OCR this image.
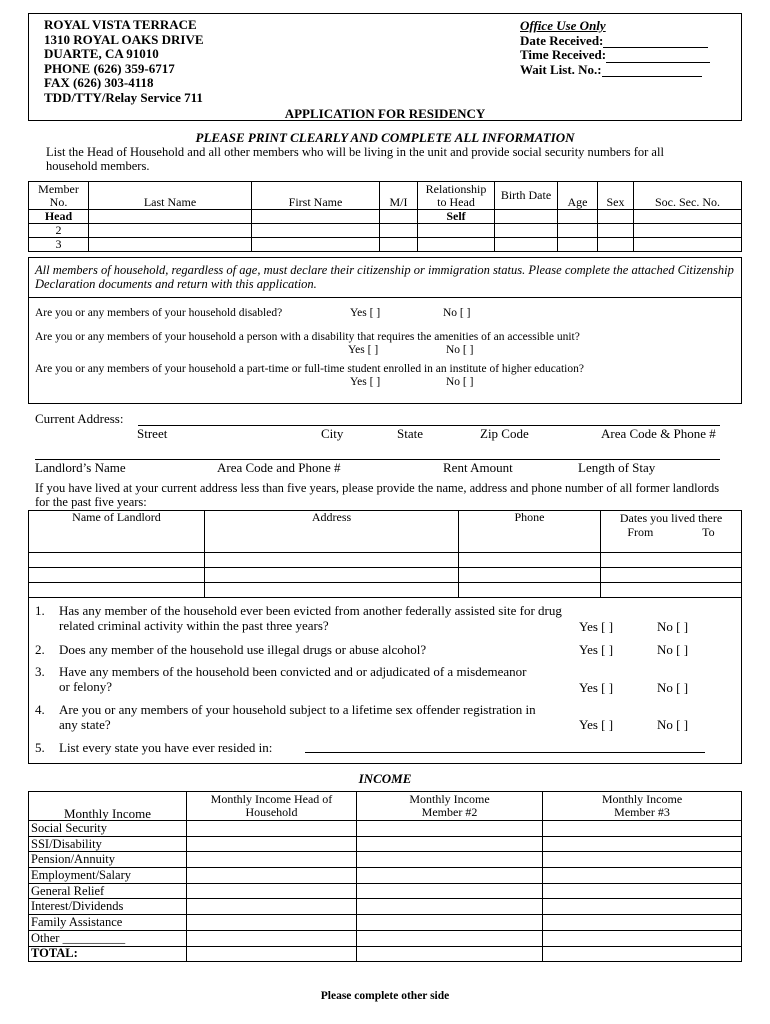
ROYAL VISTA TERRACE
1310 ROYAL OAKS DRIVE
DUARTE, CA 91010
PHONE (626) 359-6717
FAX (626) 303-4118
TDD/TTY/Relay Service 711
Office Use Only
Date Received:
Time Received:
Wait List. No.:
APPLICATION FOR RESIDENCY
PLEASE PRINT CLEARLY AND COMPLETE ALL INFORMATION
List the Head of Household and all other members who will be living in the unit and provide social security numbers for all household members.
Member No.	Last Name	First Name	M/I	Relationship to Head	Birth Date	Age	Sex	Soc. Sec. No.
Head				Self				
2								
3								
All members of household, regardless of age, must declare their citizenship or immigration status. Please complete the attached Citizenship Declaration documents and return with this application.
Are you or any members of your household disabled?	Yes [ ]	No [ ]
Are you or any members of your household a person with a disability that requires the amenities of an accessible unit?
Yes [ ]	No [ ]
Are you or any members of your household a part-time or full-time student enrolled in an institute of higher education?
Yes [ ]	No [ ]
Current Address:
Street	City	State	Zip Code	Area Code & Phone #
Landlord’s Name	Area Code and Phone #	Rent Amount	Length of Stay
If you have lived at your current address less than five years, please provide the name, address and phone number of all former landlords for the past five years:
Name of Landlord	Address	Phone	Dates you lived there
From To

1. Has any member of the household ever been evicted from another federally assisted site for drug related criminal activity within the past three years?	Yes [ ]	No [ ]
2. Does any member of the household use illegal drugs or abuse alcohol?	Yes [ ]	No [ ]
3. Have any members of the household been convicted and or adjudicated of a misdemeanor or felony?	Yes [ ]	No [ ]
4. Are you or any members of your household subject to a lifetime sex offender registration in any state?	Yes [ ]	No [ ]
5. List every state you have ever resided in:
INCOME
Monthly Income	Monthly Income Head of Household	Monthly Income Member #2	Monthly Income Member #3

Social Security			
SSI/Disability			
Pension/Annuity			
Employment/Salary			
General Relief			
Interest/Dividends			
Family Assistance			
Other __________			
TOTAL:			
Please complete other side
